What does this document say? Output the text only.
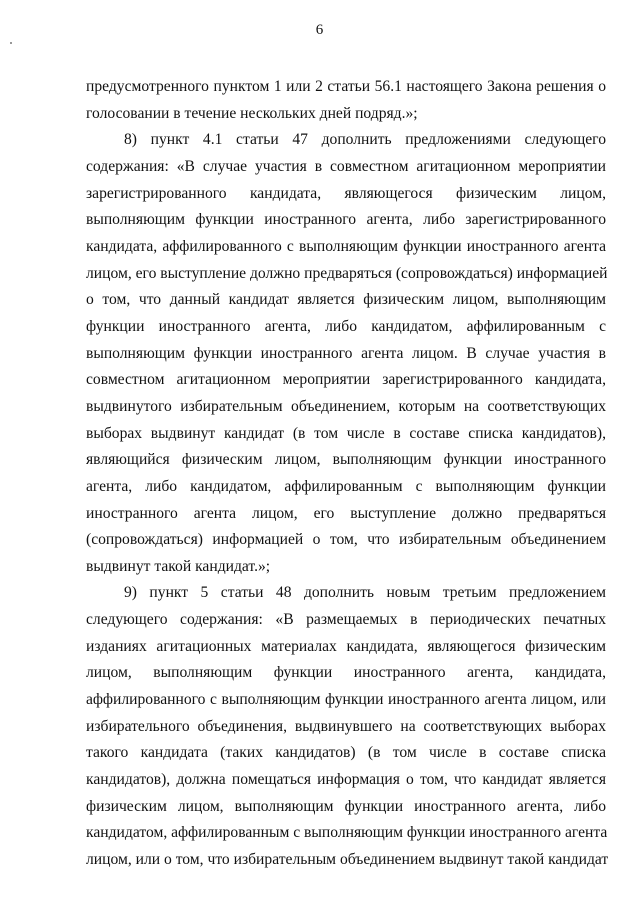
6
предусмотренного пунктом 1 или 2 статьи 56.1 настоящего Закона решения о
голосовании в течение нескольких дней подряд.»;
8) пункт 4.1 статьи 47 дополнить предложениями следующего
содержания: «В случае участия в совместном агитационном мероприятии
зарегистрированного кандидата, являющегося физическим лицом,
выполняющим функции иностранного агента, либо зарегистрированного
кандидата, аффилированного с выполняющим функции иностранного агента
лицом, его выступление должно предваряться (сопровождаться) информацией
о том, что данный кандидат является физическим лицом, выполняющим
функции иностранного агента, либо кандидатом, аффилированным с
выполняющим функции иностранного агента лицом. В случае участия в
совместном агитационном мероприятии зарегистрированного кандидата,
выдвинутого избирательным объединением, которым на соответствующих
выборах выдвинут кандидат (в том числе в составе списка кандидатов),
являющийся физическим лицом, выполняющим функции иностранного
агента, либо кандидатом, аффилированным с выполняющим функции
иностранного агента лицом, его выступление должно предваряться
(сопровождаться) информацией о том, что избирательным объединением
выдвинут такой кандидат.»;
9) пункт 5 статьи 48 дополнить новым третьим предложением
следующего содержания: «В размещаемых в периодических печатных
изданиях агитационных материалах кандидата, являющегося физическим
лицом, выполняющим функции иностранного агента, кандидата,
аффилированного с выполняющим функции иностранного агента лицом, или
избирательного объединения, выдвинувшего на соответствующих выборах
такого кандидата (таких кандидатов) (в том числе в составе списка
кандидатов), должна помещаться информация о том, что кандидат является
физическим лицом, выполняющим функции иностранного агента, либо
кандидатом, аффилированным с выполняющим функции иностранного агента
лицом, или о том, что избирательным объединением выдвинут такой кандидат
